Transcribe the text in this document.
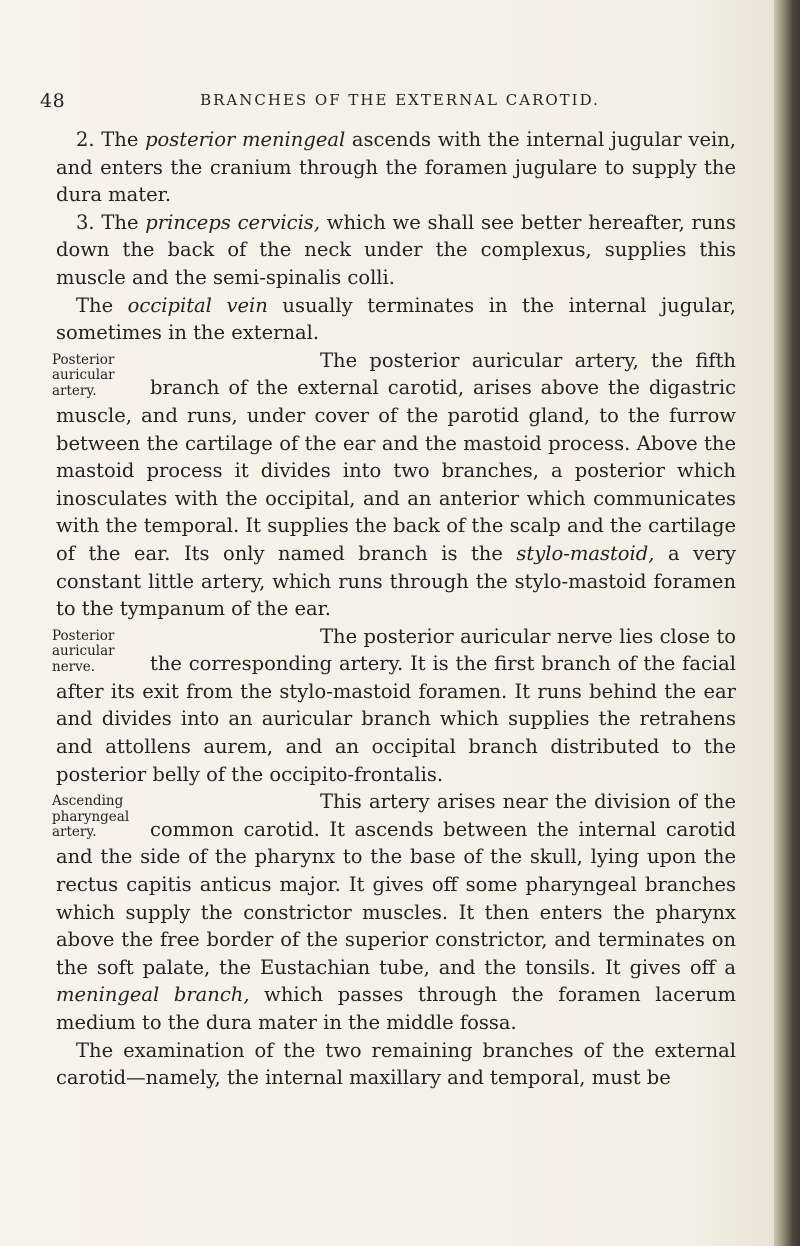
48	BRANCHES OF THE EXTERNAL CAROTID.

2. The posterior meningeal ascends with the internal jugular vein, and enters the cranium through the foramen jugulare to supply the dura mater.

3. The princeps cervicis, which we shall see better hereafter, runs down the back of the neck under the complexus, supplies this muscle and the semi-spinalis colli.

The occipital vein usually terminates in the internal jugular, sometimes in the external.

Posterior auricular artery.

The posterior auricular artery, the fifth branch of the external carotid, arises above the digastric muscle, and runs, under cover of the parotid gland, to the furrow between the cartilage of the ear and the mastoid process. Above the mastoid process it divides into two branches, a posterior which inosculates with the occipital, and an anterior which communicates with the temporal. It supplies the back of the scalp and the cartilage of the ear. Its only named branch is the stylo-mastoid, a very constant little artery, which runs through the stylo-mastoid foramen to the tympanum of the ear.

Posterior auricular nerve.

The posterior auricular nerve lies close to the corresponding artery. It is the first branch of the facial after its exit from the stylo-mastoid foramen. It runs behind the ear and divides into an auricular branch which supplies the retrahens and attollens aurem, and an occipital branch distributed to the posterior belly of the occipito-frontalis.

Ascending pharyngeal artery.

This artery arises near the division of the common carotid. It ascends between the internal carotid and the side of the pharynx to the base of the skull, lying upon the rectus capitis anticus major. It gives off some pharyngeal branches which supply the constrictor muscles. It then enters the pharynx above the free border of the superior constrictor, and terminates on the soft palate, the Eustachian tube, and the tonsils. It gives off a meningeal branch, which passes through the foramen lacerum medium to the dura mater in the middle fossa.

The examination of the two remaining branches of the external carotid—namely, the internal maxillary and temporal, must be
